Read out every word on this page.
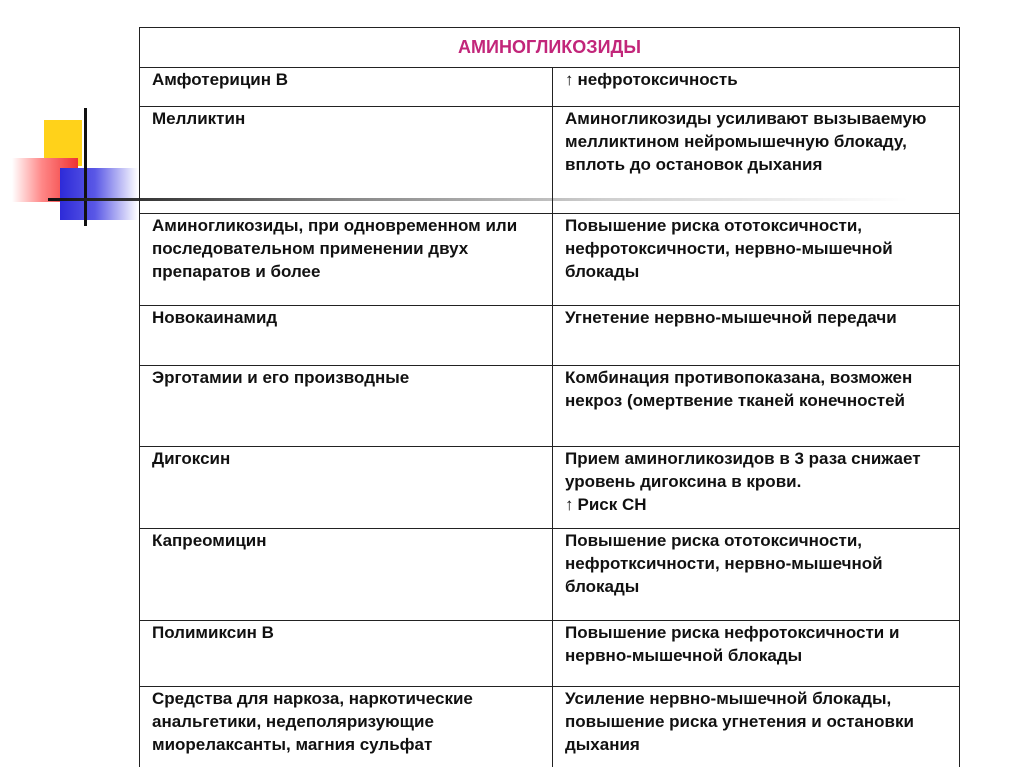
АМИНОГЛИКОЗИДЫ	
Амфотерицин В	↑ нефротоксичность
Мелликтин	Аминогликозиды усиливают вызываемую мелликтином нейромышечную блокаду, вплоть до остановок дыхания
Аминогликозиды, при одновременном или последовательном применении двух препаратов и более	Повышение риска ототоксичности, нефротоксичности, нервно-мышечной блокады
Новокаинамид	Угнетение нервно-мышечной передачи
Эрготамии и его производные	Комбинация противопоказана, возможен некроз (омертвение тканей конечностей
Дигоксин	Прием аминогликозидов в 3 раза снижает уровень дигоксина в крови.
↑ Риск СН
Капреомицин	Повышение риска ототоксичности, нефротксичности, нервно-мышечной блокады
Полимиксин В	Повышение риска нефротоксичности и нервно-мышечной блокады
Средства для наркоза, наркотические анальгетики, недеполяризующие миорелаксанты, магния сульфат	Усиление нервно-мышечной блокады, повышение риска угнетения и остановки дыхания
